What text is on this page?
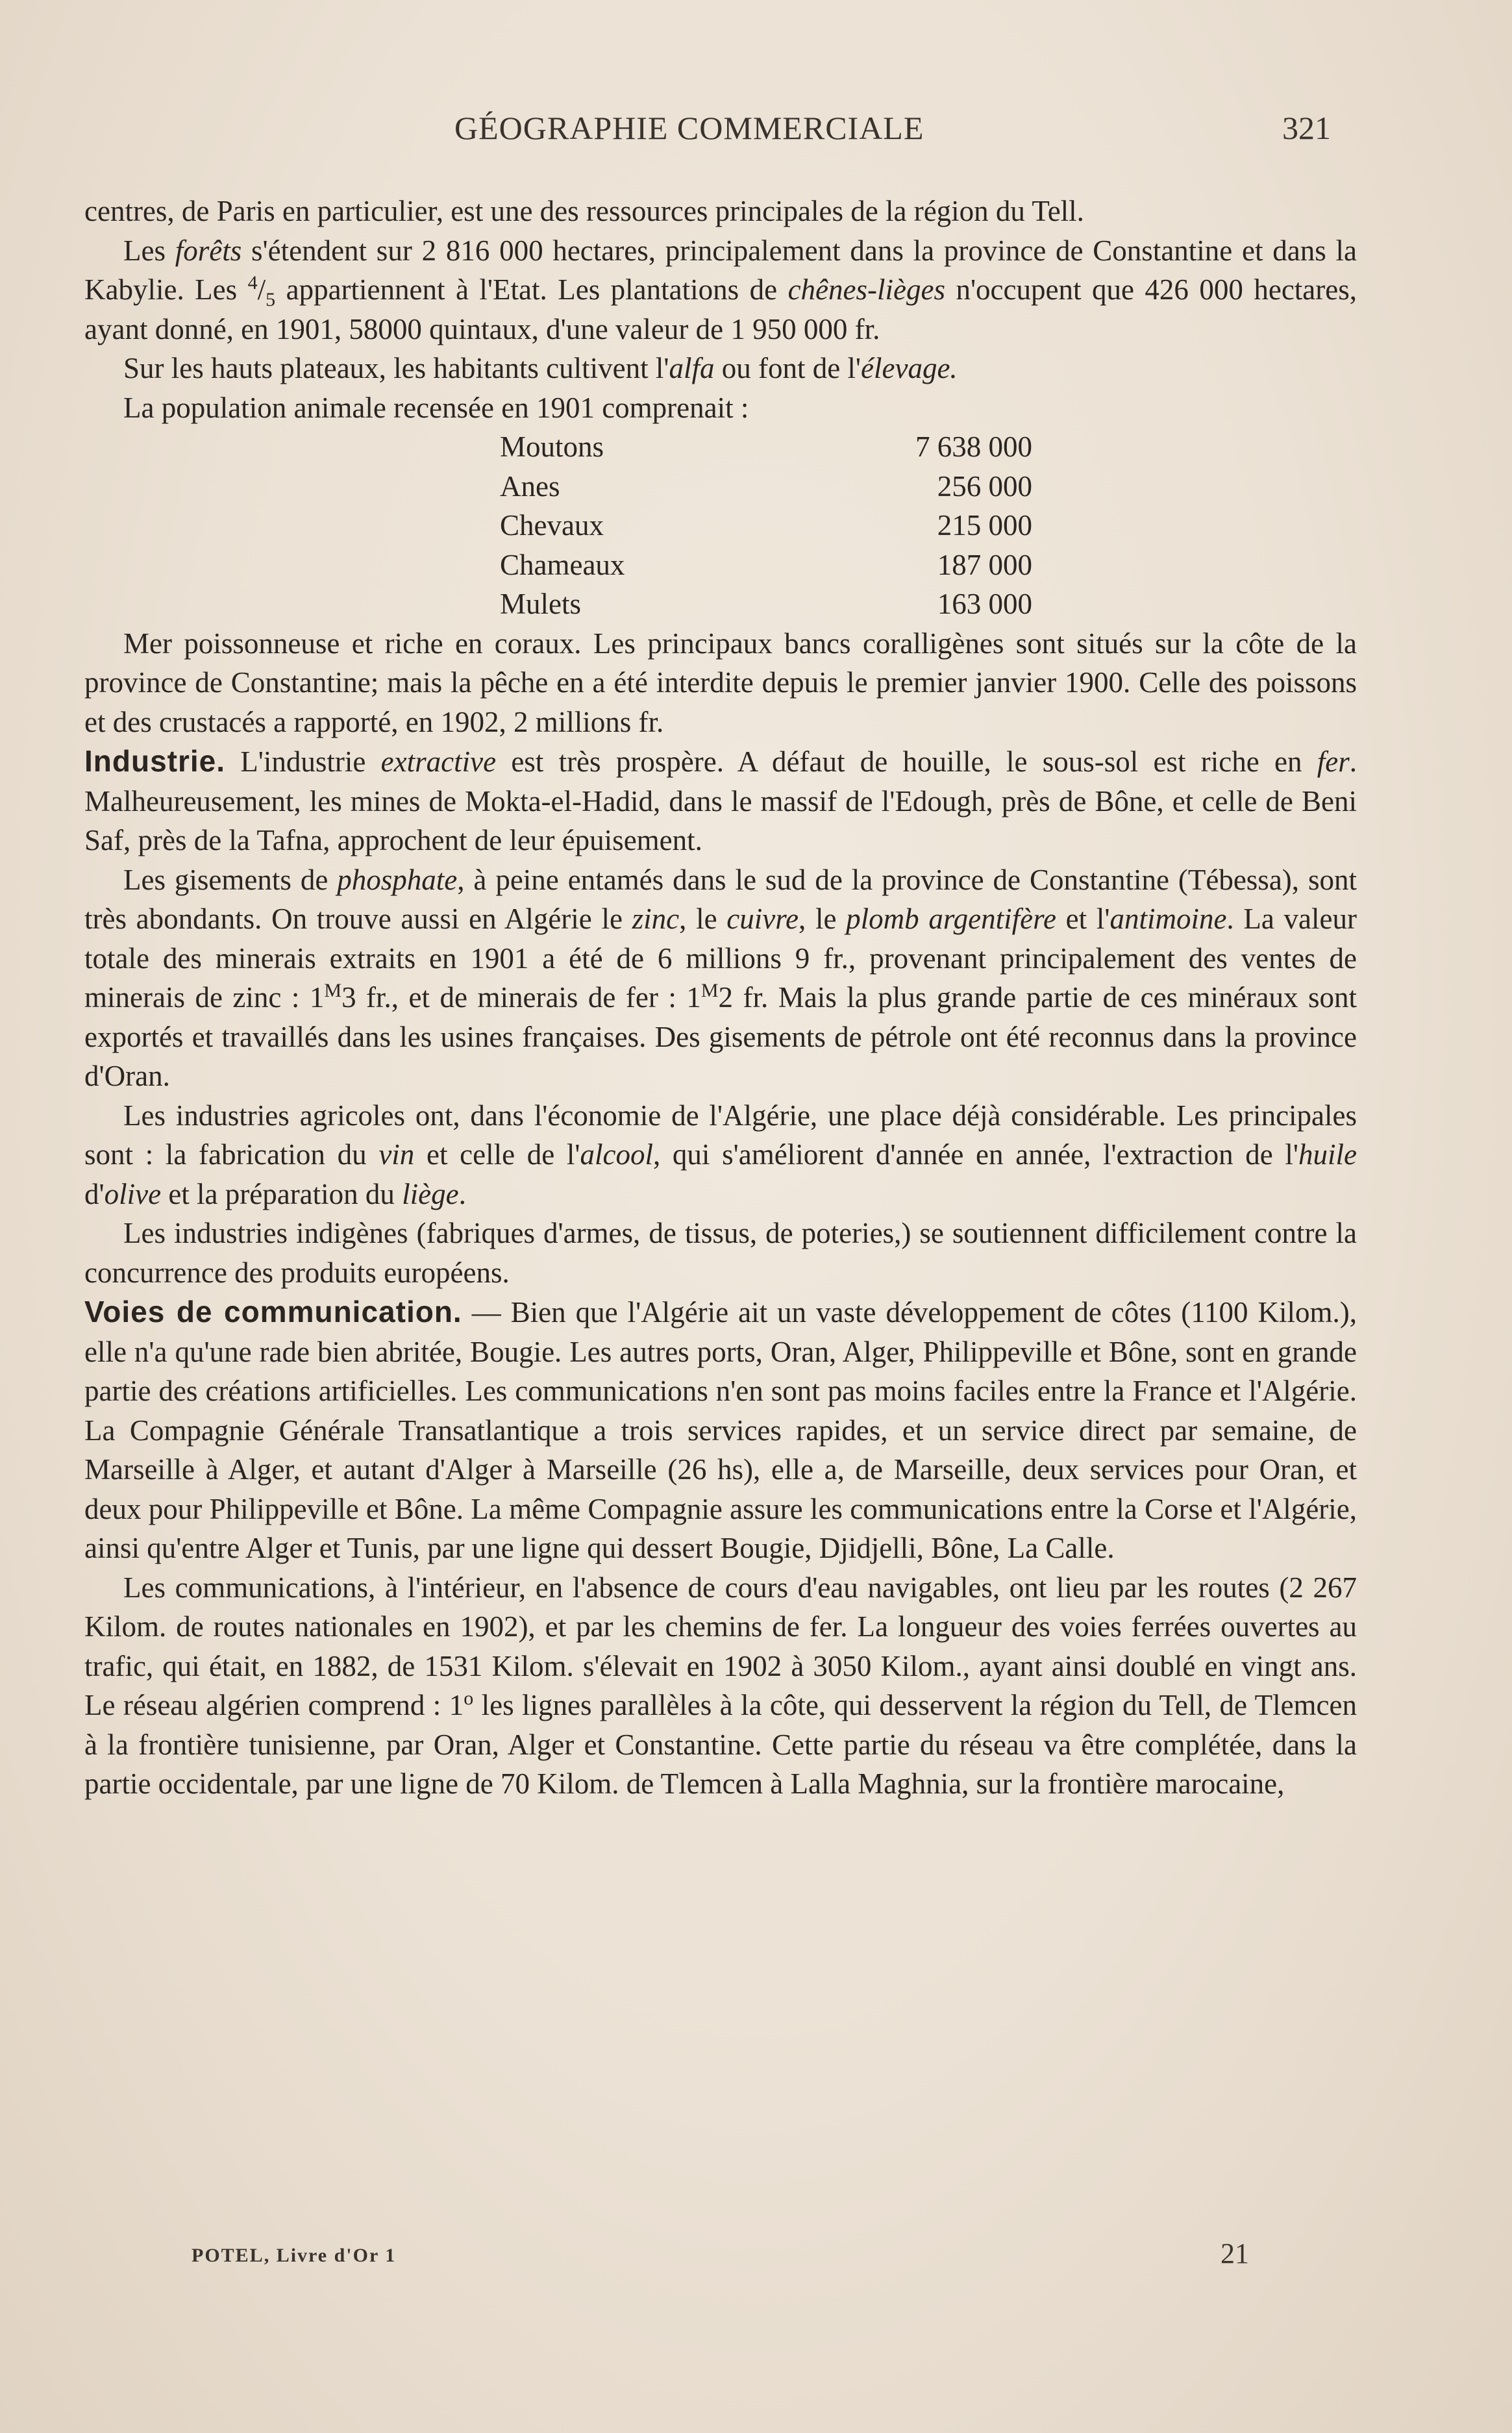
GÉOGRAPHIE COMMERCIALE	321

centres, de Paris en particulier, est une des ressources principales de la région du Tell.

Les forêts s'étendent sur 2 816 000 hectares, principalement dans la province de Constantine et dans la Kabylie. Les $^4/_5$ appartiennent à l'Etat. Les plantations de chênes-lièges n'occupent que 426 000 hectares, ayant donné, en 1901, 58000 quintaux, d'une valeur de 1 950 000 fr.

Sur les hauts plateaux, les habitants cultivent l'alfa ou font de l'élevage.

La population animale recensée en 1901 comprenait :

Moutons	7 638 000
Anes	256 000
Chevaux	215 000
Chameaux	187 000
Mulets	163 000

Mer poissonneuse et riche en coraux. Les principaux bancs coralligènes sont situés sur la côte de la province de Constantine; mais la pêche en a été interdite depuis le premier janvier 1900. Celle des poissons et des crustacés a rapporté, en 1902, 2 millions fr.

Industrie. L'industrie extractive est très prospère. A défaut de houille, le sous-sol est riche en fer. Malheureusement, les mines de Mokta-el-Hadid, dans le massif de l'Edough, près de Bône, et celle de Beni Saf, près de la Tafna, approchent de leur épuisement.

Les gisements de phosphate, à peine entamés dans le sud de la province de Constantine (Tébessa), sont très abondants. On trouve aussi en Algérie le zinc, le cuivre, le plomb argentifère et l'antimoine. La valeur totale des minerais extraits en 1901 a été de 6 millions 9 fr., provenant principalement des ventes de minerais de zinc : $1^M3$ fr., et de minerais de fer : $1^M2$ fr. Mais la plus grande partie de ces minéraux sont exportés et travaillés dans les usines françaises. Des gisements de pétrole ont été reconnus dans la province d'Oran.

Les industries agricoles ont, dans l'économie de l'Algérie, une place déjà considérable. Les principales sont : la fabrication du vin et celle de l'alcool, qui s'améliorent d'année en année, l'extraction de l'huile d'olive et la préparation du liège.

Les industries indigènes (fabriques d'armes, de tissus, de poteries,) se soutiennent difficilement contre la concurrence des produits européens.

Voies de communication. — Bien que l'Algérie ait un vaste développement de côtes (1100 Kilom.), elle n'a qu'une rade bien abritée, Bougie. Les autres ports, Oran, Alger, Philippeville et Bône, sont en grande partie des créations artificielles. Les communications n'en sont pas moins faciles entre la France et l'Algérie. La Compagnie Générale Transatlantique a trois services rapides, et un service direct par semaine, de Marseille à Alger, et autant d'Alger à Marseille (26 hs), elle a, de Marseille, deux services pour Oran, et deux pour Philippeville et Bône. La même Compagnie assure les communications entre la Corse et l'Algérie, ainsi qu'entre Alger et Tunis, par une ligne qui dessert Bougie, Djidjelli, Bône, La Calle.

Les communications, à l'intérieur, en l'absence de cours d'eau navigables, ont lieu par les routes (2 267 Kilom. de routes nationales en 1902), et par les chemins de fer. La longueur des voies ferrées ouvertes au trafic, qui était, en 1882, de 1531 Kilom. s'élevait en 1902 à 3050 Kilom., ayant ainsi doublé en vingt ans. Le réseau algérien comprend : 1$^o$ les lignes parallèles à la côte, qui desservent la région du Tell, de Tlemcen à la frontière tunisienne, par Oran, Alger et Constantine. Cette partie du réseau va être complétée, dans la partie occidentale, par une ligne de 70 Kilom. de Tlemcen à Lalla Maghnia, sur la frontière marocaine,

POTEL, Livre d'Or 1	21
